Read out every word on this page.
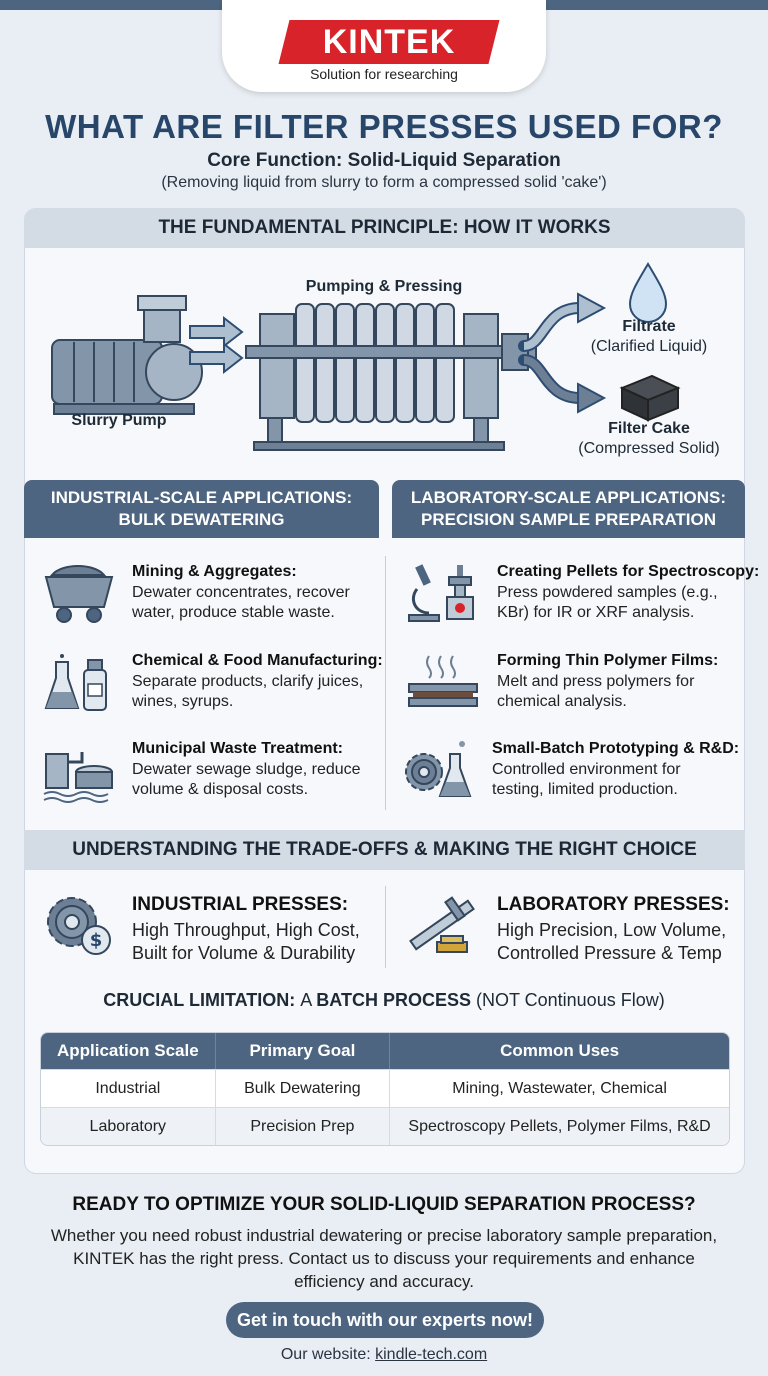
KINTEK
Solution for researching
WHAT ARE FILTER PRESSES USED FOR?
Core Function: Solid-Liquid Separation
(Removing liquid from slurry to form a compressed solid 'cake')
THE FUNDAMENTAL PRINCIPLE: HOW IT WORKS
Slurry Pump
Pumping & Pressing
Filtrate
(Clarified Liquid)
Filter Cake
(Compressed Solid)
INDUSTRIAL-SCALE APPLICATIONS:
BULK DEWATERING
LABORATORY-SCALE APPLICATIONS:
PRECISION SAMPLE PREPARATION
Mining & Aggregates:
Dewater concentrates, recover
water, produce stable waste.
Chemical & Food Manufacturing:
Separate products, clarify juices,
wines, syrups.
Municipal Waste Treatment:
Dewater sewage sludge, reduce
volume & disposal costs.
Creating Pellets for Spectroscopy:
Press powdered samples (e.g.,
KBr) for IR or XRF analysis.
Forming Thin Polymer Films:
Melt and press polymers for
chemical analysis.
Small-Batch Prototyping & R&D:
Controlled environment for
testing, limited production.
UNDERSTANDING THE TRADE-OFFS & MAKING THE RIGHT CHOICE
$
INDUSTRIAL PRESSES:
High Throughput, High Cost,
Built for Volume & Durability
LABORATORY PRESSES:
High Precision, Low Volume,
Controlled Pressure & Temp
CRUCIAL LIMITATION: A BATCH PROCESS (NOT Continuous Flow)
Application Scale	Primary Goal	Common Uses
Industrial	Bulk Dewatering	Mining, Wastewater, Chemical
Laboratory	Precision Prep	Spectroscopy Pellets, Polymer Films, R&D
READY TO OPTIMIZE YOUR SOLID-LIQUID SEPARATION PROCESS?
Whether you need robust industrial dewatering or precise laboratory sample preparation, KINTEK has the right press. Contact us to discuss your requirements and enhance efficiency and accuracy.
Get in touch with our experts now!
Our website: kindle-tech.com
